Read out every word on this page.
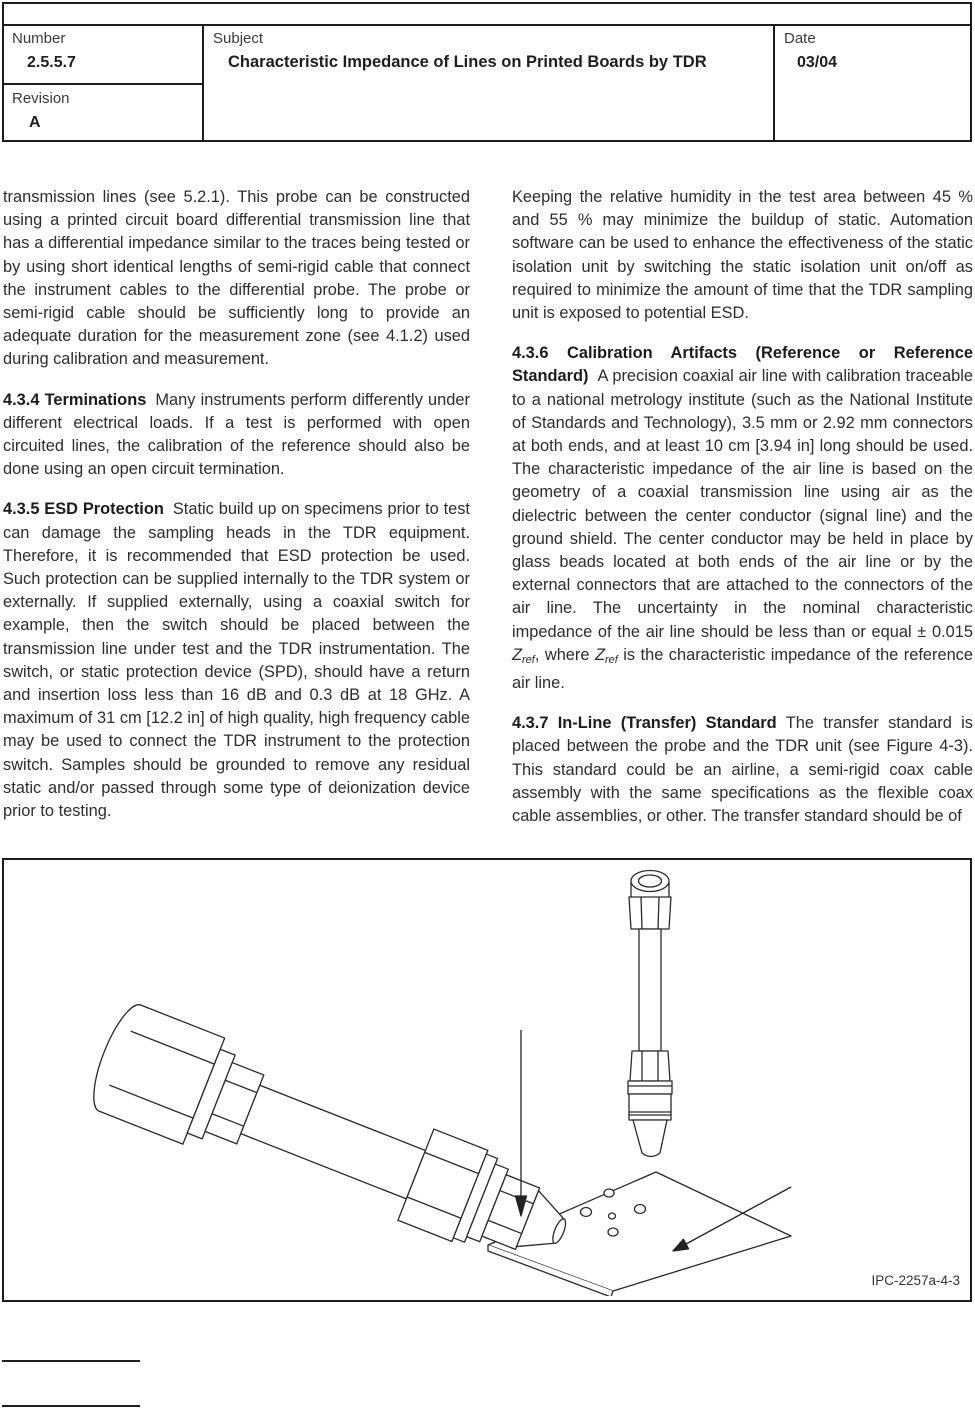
Number
2.5.5.7
Revision
A
Subject
Characteristic Impedance of Lines on Printed Boards by TDR
Date
03/04

transmission lines (see 5.2.1). This probe can be constructed using a printed circuit board differential transmission line that has a differential impedance similar to the traces being tested or by using short identical lengths of semi-rigid cable that connect the instrument cables to the differential probe. The probe or semi-rigid cable should be sufficiently long to provide an adequate duration for the measurement zone (see 4.1.2) used during calibration and measurement.

4.3.4 Terminations Many instruments perform differently under different electrical loads. If a test is performed with open circuited lines, the calibration of the reference should also be done using an open circuit termination.

4.3.5 ESD Protection Static build up on specimens prior to test can damage the sampling heads in the TDR equipment. Therefore, it is recommended that ESD protection be used. Such protection can be supplied internally to the TDR system or externally. If supplied externally, using a coaxial switch for example, then the switch should be placed between the transmission line under test and the TDR instrumentation. The switch, or static protection device (SPD), should have a return and insertion loss less than 16 dB and 0.3 dB at 18 GHz. A maximum of 31 cm [12.2 in] of high quality, high frequency cable may be used to connect the TDR instrument to the protection switch. Samples should be grounded to remove any residual static and/or passed through some type of deionization device prior to testing.

Keeping the relative humidity in the test area between 45 % and 55 % may minimize the buildup of static. Automation software can be used to enhance the effectiveness of the static isolation unit by switching the static isolation unit on/off as required to minimize the amount of time that the TDR sampling unit is exposed to potential ESD.

4.3.6 Calibration Artifacts (Reference or Reference Standard) A precision coaxial air line with calibration traceable to a national metrology institute (such as the National Institute of Standards and Technology), 3.5 mm or 2.92 mm connectors at both ends, and at least 10 cm [3.94 in] long should be used. The characteristic impedance of the air line is based on the geometry of a coaxial transmission line using air as the dielectric between the center conductor (signal line) and the ground shield. The center conductor may be held in place by glass beads located at both ends of the air line or by the external connectors that are attached to the connectors of the air line. The uncertainty in the nominal characteristic impedance of the air line should be less than or equal ± 0.015 Zref, where Zref is the characteristic impedance of the reference air line.

4.3.7 In-Line (Transfer) Standard The transfer standard is placed between the probe and the TDR unit (see Figure 4-3). This standard could be an airline, a semi-rigid coax cable assembly with the same specifications as the flexible coax cable assemblies, or other. The transfer standard should be of

IPC-2257a-4-3
